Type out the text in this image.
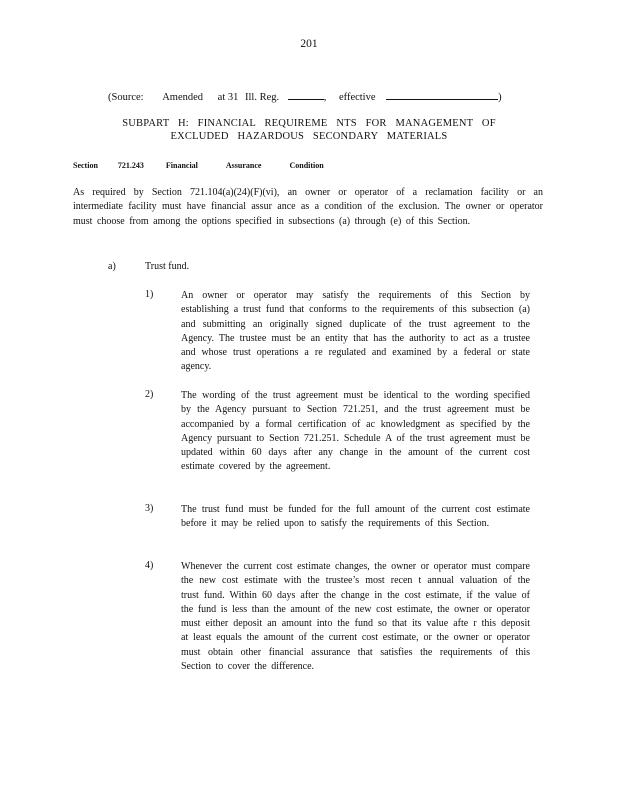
201
(Source: Amended at 31 Ill. Reg.	, effective	)
SUBPART H: FINANCIAL REQUIREME NTS FOR MANAGEMENT OF
EXCLUDED HAZARDOUS SECONDARY MATERIALS
Section	721.243	Financial	Assurance	Condition

As required by Section 721.104(a)(24)(F)(vi), an owner or operator of a reclamation facility or an intermediate facility must have financial assur ance as a condition of the exclusion. The owner or operator must choose from among the options specified in subsections (a) through (e) of this Section.

a)	Trust fund.
1)	An owner or operator may satisfy the requirements of this Section by establishing a trust fund that conforms to the requirements of this subsection (a) and submitting an originally signed duplicate of the trust agreement to the Agency. The trustee must be an entity that has the authority to act as a trustee and whose trust operations a re regulated and examined by a federal or state agency.

2)	The wording of the trust agreement must be identical to the wording specified by the Agency pursuant to Section 721.251, and the trust agreement must be accompanied by a formal certification of ac knowledgment as specified by the Agency pursuant to Section 721.251. Schedule A of the trust agreement must be updated within 60 days after any change in the amount of the current cost estimate covered by the agreement.

3)	The trust fund must be funded for the full amount of the current cost estimate before it may be relied upon to satisfy the requirements of this Section.

4)	Whenever the current cost estimate changes, the owner or operator must compare the new cost estimate with the trustee’s most recen t annual valuation of the trust fund. Within 60 days after the change in the cost estimate, if the value of the fund is less than the amount of the new cost estimate, the owner or operator must either deposit an amount into the fund so that its value afte r this deposit at least equals the amount of the current cost estimate, or the owner or operator must obtain other financial assurance that satisfies the requirements of this Section to cover the difference.
